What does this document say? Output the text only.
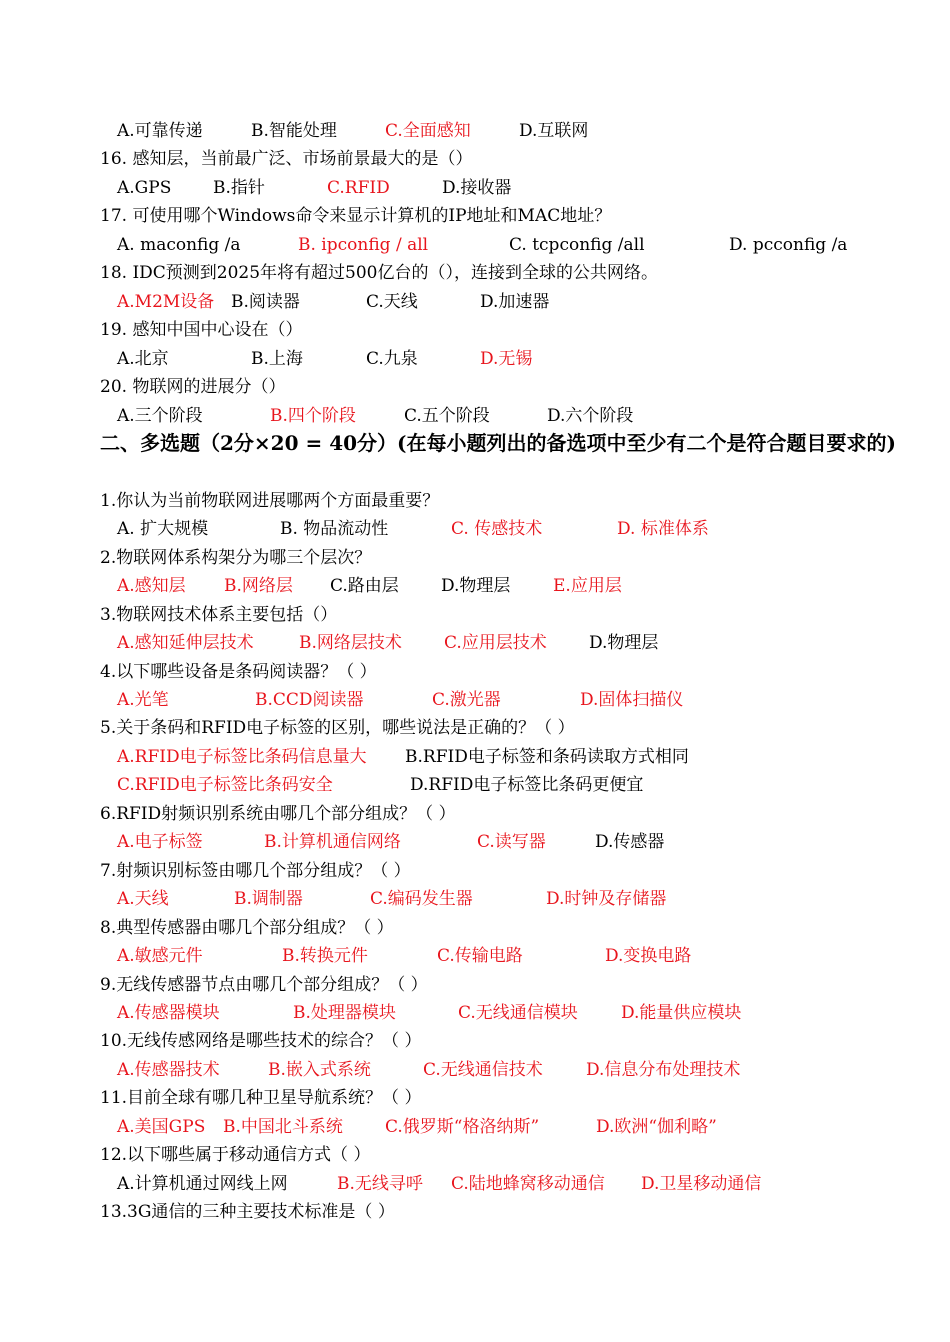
A.可靠传递	B.智能处理	C.全面感知	D.互联网
16. 感知层，当前最广泛、市场前景最大的是（）
A.GPS B.指针	C.RFID	D.接收器
17. 可使用哪个Windows命令来显示计算机的IP地址和MAC地址？
A. maconfig /a	B. ipconfig / all	C. tcpconfig /all	D. pcconfig /a
18. IDC预测到2025年将有超过500亿台的（），连接到全球的公共网络。
A.M2M设备 B.阅读器	C.天线	D.加速器
19. 感知中国中心设在（）
A.北京	B.上海	C.九泉	D.无锡
20. 物联网的进展分（）
A.三个阶段	B.四个阶段	C.五个阶段	D.六个阶段
二、多选题（2分×20 = 40分）(在每小题列出的备选项中至少有二个是符合题目要求的)
1.你认为当前物联网进展哪两个方面最重要？
A. 扩大规模	B. 物品流动性	C. 传感技术	D. 标准体系
2.物联网体系构架分为哪三个层次？
A.感知层 B.网络层 C.路由层 D.物理层	E.应用层
3.物联网技术体系主要包括（）
A.感知延伸层技术	B.网络层技术 C.应用层技术 D.物理层
4.以下哪些设备是条码阅读器？（ ）
A.光笔	B.CCD阅读器	C.激光器	D.固体扫描仪
5.关于条码和RFID电子标签的区别，哪些说法是正确的？（ ）
A.RFID电子标签比条码信息量大 B.RFID电子标签和条码读取方式相同
C.RFID电子标签比条码安全	D.RFID电子标签比条码更便宜
6.RFID射频识别系统由哪几个部分组成？（ ）
A.电子标签	B.计算机通信网络	C.读写器	D.传感器
7.射频识别标签由哪几个部分组成？（ ）
A.天线	B.调制器	C.编码发生器	D.时钟及存储器
8.典型传感器由哪几个部分组成？（ ）
A.敏感元件	B.转换元件	C.传输电路	D.变换电路
9.无线传感器节点由哪几个部分组成？（ ）
A.传感器模块	B.处理器模块	C.无线通信模块	D.能量供应模块
10.无线传感网络是哪些技术的综合？（ ）
A.传感器技术	B.嵌入式系统	C.无线通信技术	D.信息分布处理技术
11.目前全球有哪几种卫星导航系统？（ ）
A.美国GPS B.中国北斗系统 C.俄罗斯“格洛纳斯”	D.欧洲“伽利略”
12.以下哪些属于移动通信方式（ ）
A.计算机通过网线上网	B.无线寻呼 C.陆地蜂窝移动通信 D.卫星移动通信
13.3G通信的三种主要技术标准是（ ）
